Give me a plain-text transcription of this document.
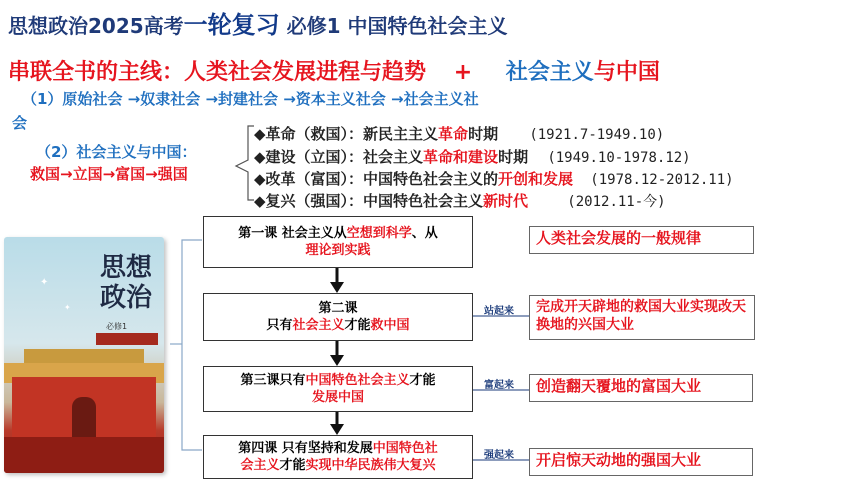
思想政治2025高考一轮复习 必修1 中国特色社会主义
串联全书的主线：人类社会发展进程与趋势 + 社会主义与中国
（1）原始社会 →奴隶社会 →封建社会 →资本主义社会 →社会主义社
会
（2）社会主义与中国：
救国→立国→富国→强国
◆革命（救国）：新民主主义革命时期 (1921.7-1949.10)
◆建设（立国）：社会主义革命和建设时期 (1949.10-1978.12)
◆改革（富国）：中国特色社会主义的开创和发展 (1978.12-2012.11)
◆复兴（强国）：中国特色社会主义新时代	(2012.11-今)
✦
✦
思想政治
必修1
第一课 社会主义从空想到科学、从
理论到实践
第二课
只有社会主义才能救中国
第三课只有中国特色社会主义才能
发展中国
第四课 只有坚持和发展中国特色社
会主义才能实现中华民族伟大复兴
站起来
富起来
强起来
人类社会发展的一般规律
完成开天辟地的救国大业实现改天换地的兴国大业
创造翻天覆地的富国大业
开启惊天动地的强国大业
